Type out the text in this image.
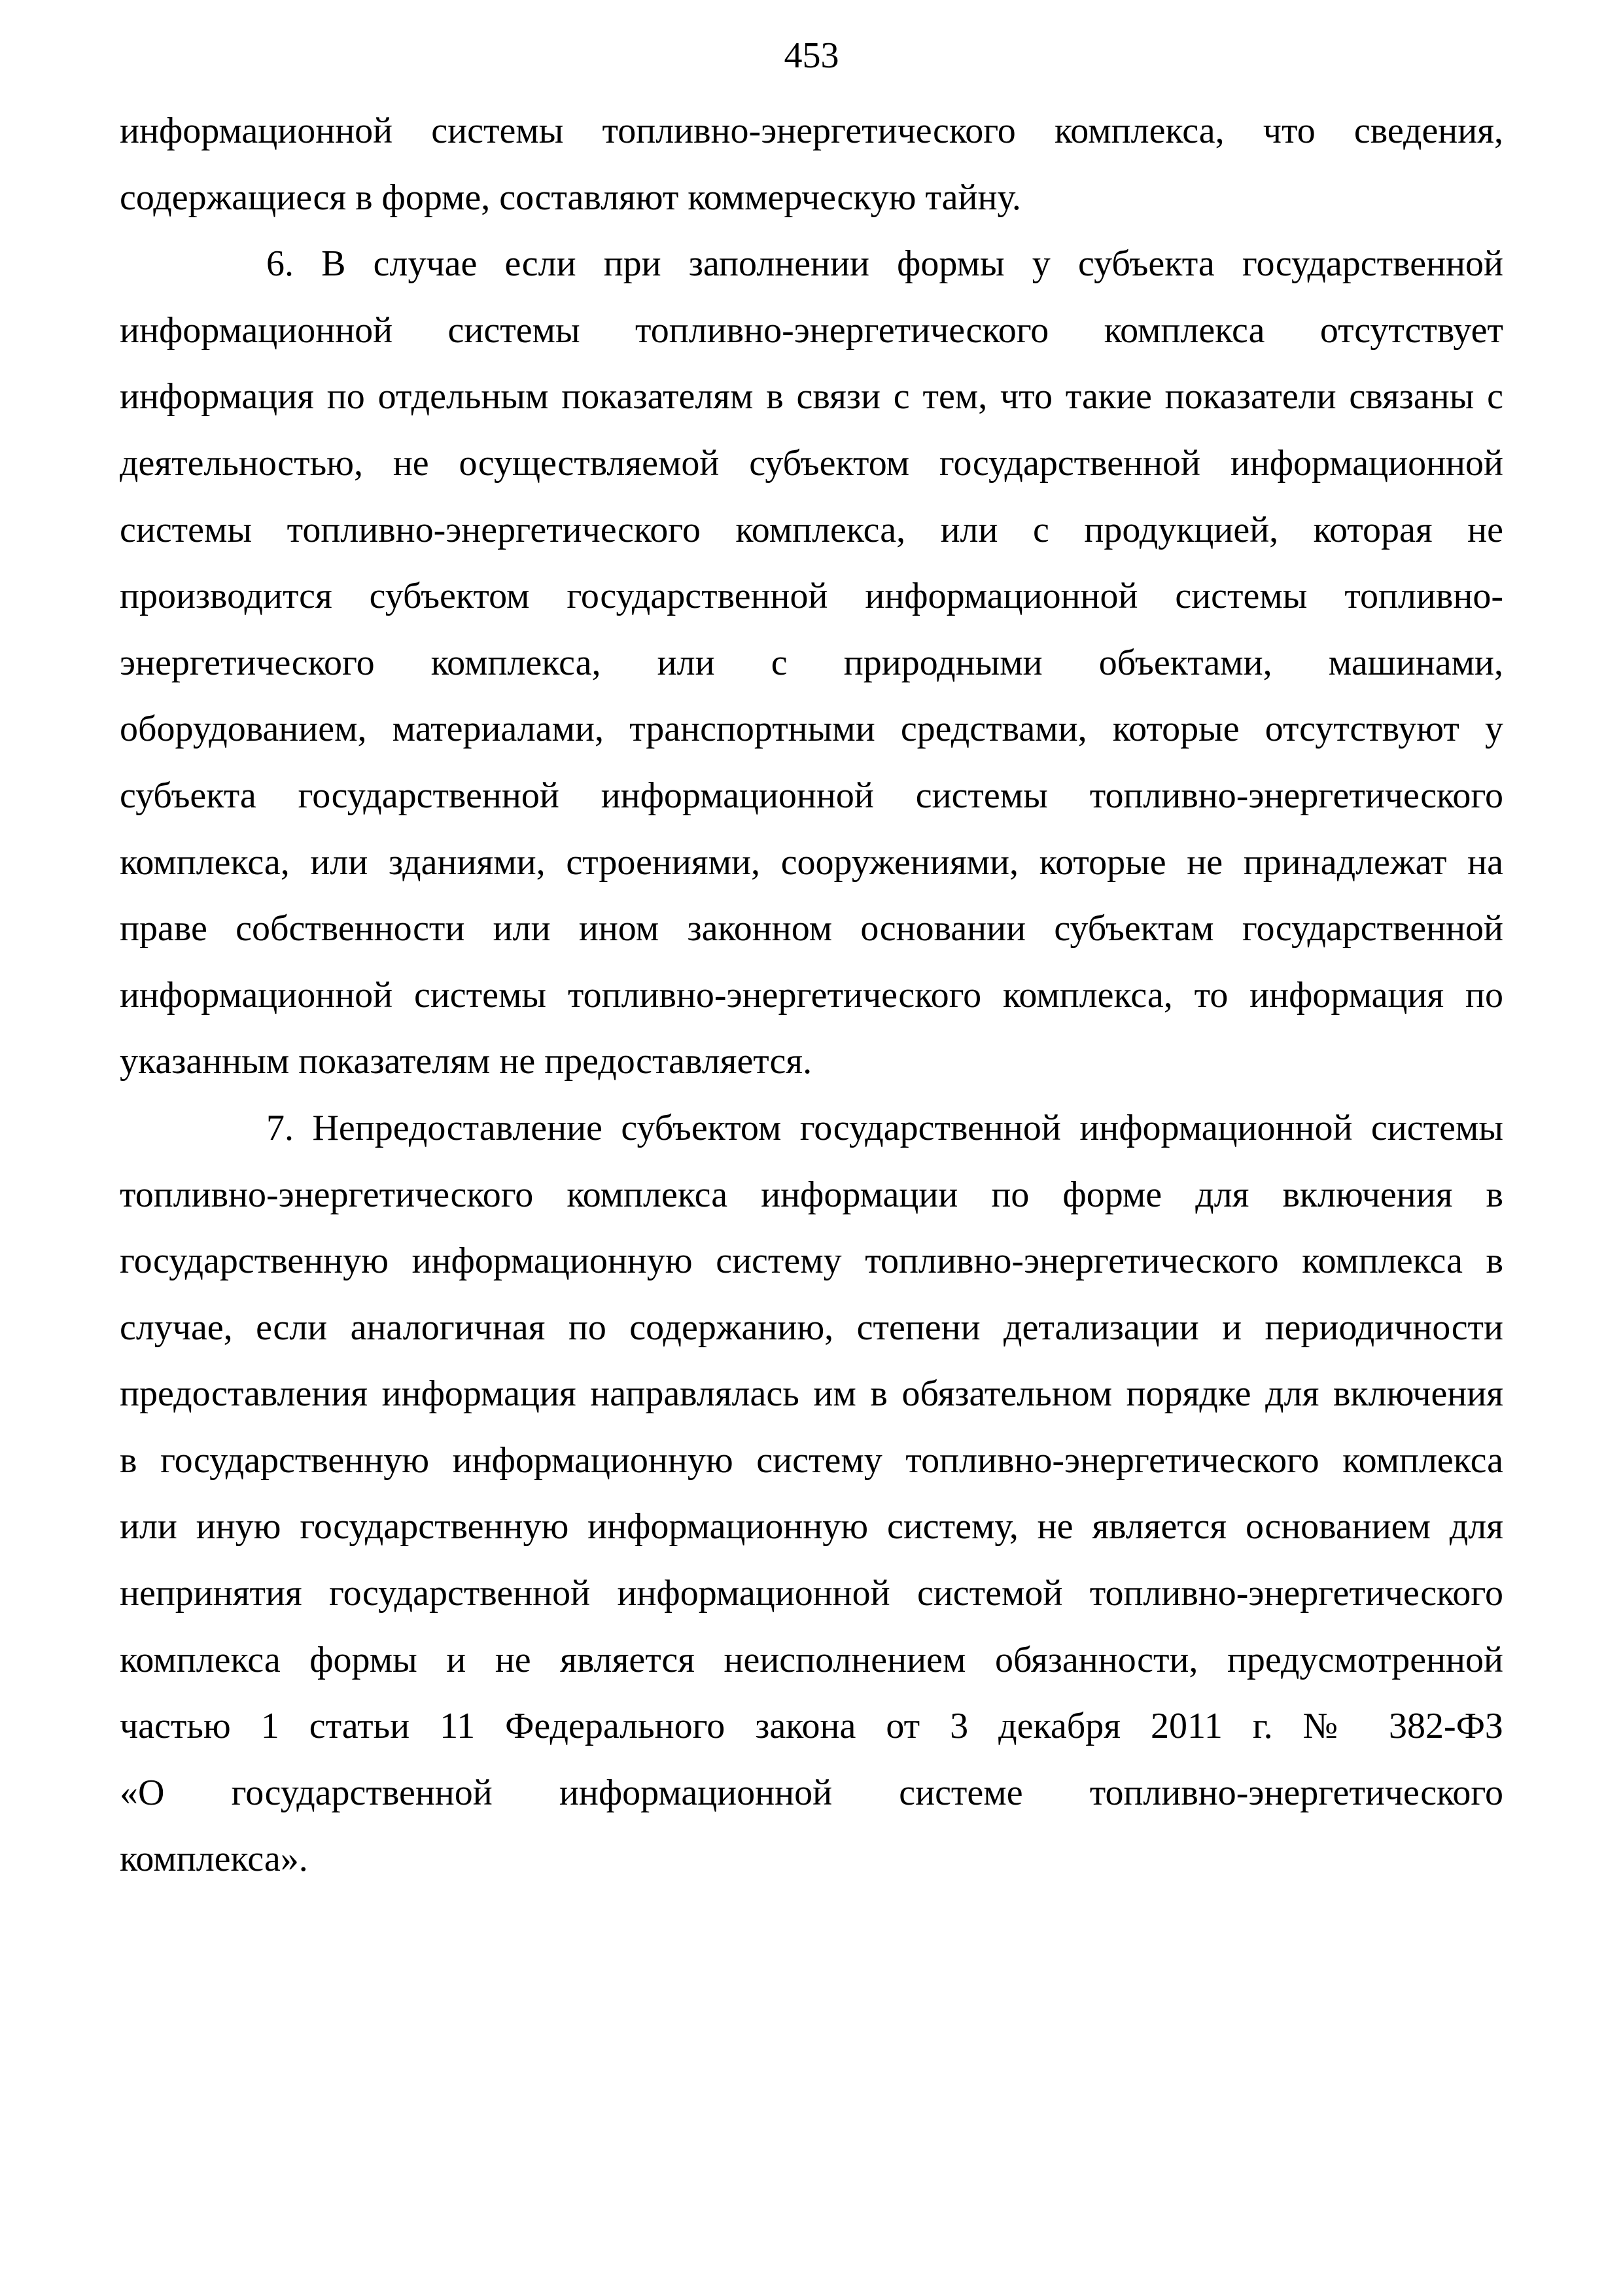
453
информационной системы топливно-энергетического комплекса, что сведения,
содержащиеся в форме, составляют коммерческую тайну.
6. В случае если при заполнении формы у субъекта государственной
информационной системы топливно-энергетического комплекса отсутствует
информация по отдельным показателям в связи с тем, что такие показатели связаны с
деятельностью, не осуществляемой субъектом государственной информационной
системы топливно-энергетического комплекса, или с продукцией, которая не
производится субъектом государственной информационной системы топливно-
энергетического комплекса, или с природными объектами, машинами,
оборудованием, материалами, транспортными средствами, которые отсутствуют у
субъекта государственной информационной системы топливно-энергетического
комплекса, или зданиями, строениями, сооружениями, которые не принадлежат на
праве собственности или ином законном основании субъектам государственной
информационной системы топливно-энергетического комплекса, то информация по
указанным показателям не предоставляется.
7. Непредоставление субъектом государственной информационной системы
топливно-энергетического комплекса информации по форме для включения в
государственную информационную систему топливно-энергетического комплекса в
случае, если аналогичная по содержанию, степени детализации и периодичности
предоставления информация направлялась им в обязательном порядке для включения
в государственную информационную систему топливно-энергетического комплекса
или иную государственную информационную систему, не является основанием для
непринятия государственной информационной системой топливно-энергетического
комплекса формы и не является неисполнением обязанности, предусмотренной
частью 1 статьи 11 Федерального закона от 3 декабря 2011 г. № 382-ФЗ
«О государственной информационной системе топливно-энергетического
комплекса».
